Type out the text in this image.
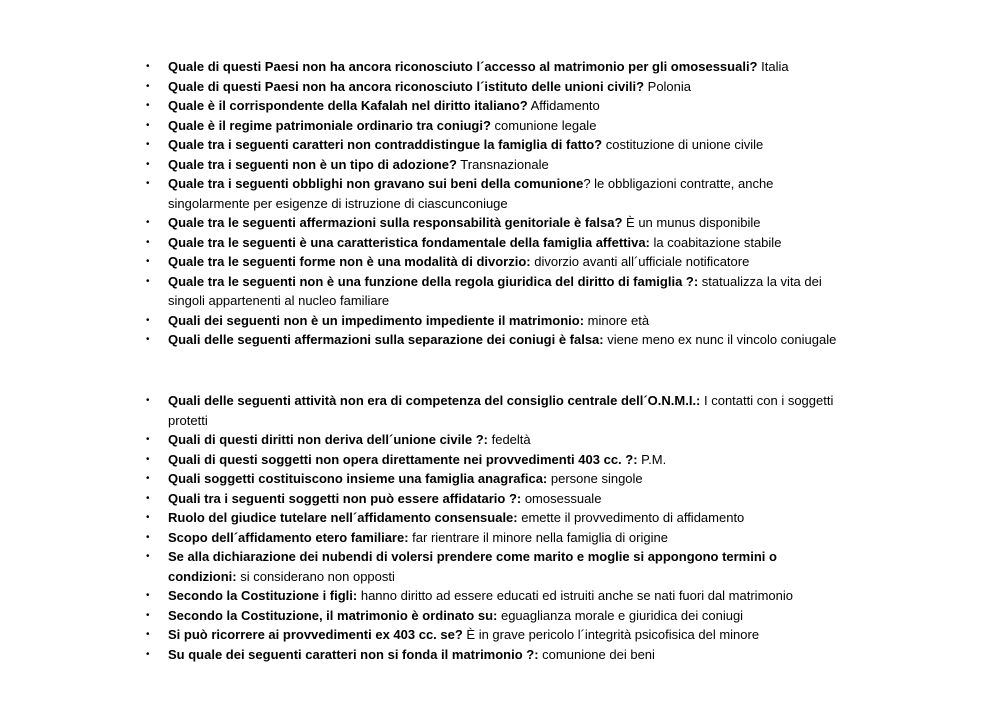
•	Quale di questi Paesi non ha ancora riconosciuto l´accesso al matrimonio per gli omosessuali? Italia
•	Quale di questi Paesi non ha ancora riconosciuto l´istituto delle unioni civili? Polonia
•	Quale è il corrispondente della Kafalah nel diritto italiano? Affidamento
•	Quale è il regime patrimoniale ordinario tra coniugi? comunione legale
•	Quale tra i seguenti caratteri non contraddistingue la famiglia di fatto? costituzione di unione civile
•	Quale tra i seguenti non è un tipo di adozione? Transnazionale
•	Quale tra i seguenti obblighi non gravano sui beni della comunione? le obbligazioni contratte, anche singolarmente per esigenze di istruzione di ciascunconiuge
•	Quale tra le seguenti affermazioni sulla responsabilità genitoriale è falsa? È un munus disponibile
•	Quale tra le seguenti è una caratteristica fondamentale della famiglia affettiva: la coabitazione stabile
•	Quale tra le seguenti forme non è una modalità di divorzio: divorzio avanti all´ufficiale notificatore
•	Quale tra le seguenti non è una funzione della regola giuridica del diritto di famiglia ?: statualizza la vita dei singoli appartenenti al nucleo familiare
•	Quali dei seguenti non è un impedimento impediente il matrimonio: minore età
•	Quali delle seguenti affermazioni sulla separazione dei coniugi è falsa: viene meno ex nunc il vincolo coniugale
•	Quali delle seguenti attività non era di competenza del consiglio centrale dell´O.N.M.I.: I contatti con i soggetti protetti
•	Quali di questi diritti non deriva dell´unione civile ?: fedeltà
•	Quali di questi soggetti non opera direttamente nei provvedimenti 403 cc. ?: P.M.
•	Quali soggetti costituiscono insieme una famiglia anagrafica: persone singole
•	Quali tra i seguenti soggetti non può essere affidatario ?: omosessuale
•	Ruolo del giudice tutelare nell´affidamento consensuale: emette il provvedimento di affidamento
•	Scopo dell´affidamento etero familiare: far rientrare il minore nella famiglia di origine
•	Se alla dichiarazione dei nubendi di volersi prendere come marito e moglie si appongono termini o condizioni: si considerano non opposti
•	Secondo la Costituzione i figli: hanno diritto ad essere educati ed istruiti anche se nati fuori dal matrimonio
•	Secondo la Costituzione, il matrimonio è ordinato su: eguaglianza morale e giuridica dei coniugi
•	Si può ricorrere ai provvedimenti ex 403 cc. se? È in grave pericolo l´integrità psicofisica del minore
•	Su quale dei seguenti caratteri non si fonda il matrimonio ?: comunione dei beni
